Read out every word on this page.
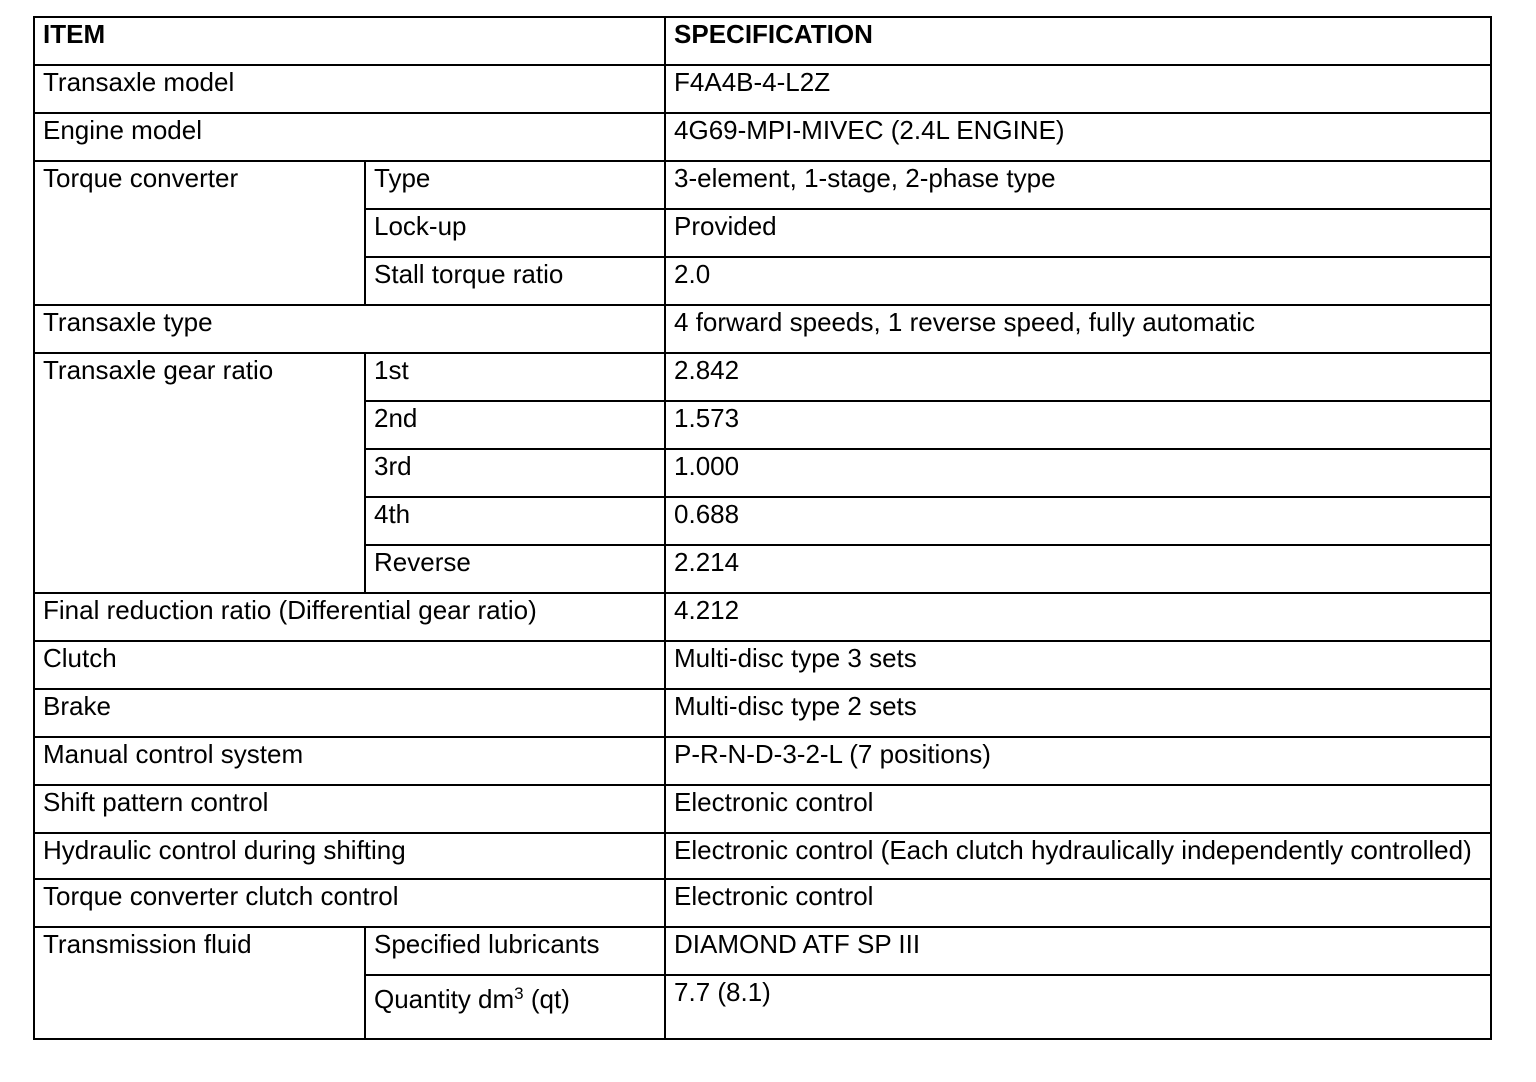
ITEM		SPECIFICATION
Transaxle model		F4A4B-4-L2Z
Engine model		4G69-MPI-MIVEC (2.4L ENGINE)
Torque converter	Type	3-element, 1-stage, 2-phase type
	Lock-up	Provided
	Stall torque ratio	2.0
Transaxle type		4 forward speeds, 1 reverse speed, fully automatic
Transaxle gear ratio	1st	2.842
	2nd	1.573
	3rd	1.000
	4th	0.688
	Reverse	2.214
Final reduction ratio (Differential gear ratio)		4.212
Clutch		Multi-disc type 3 sets
Brake		Multi-disc type 2 sets
Manual control system		P-R-N-D-3-2-L (7 positions)
Shift pattern control		Electronic control
Hydraulic control during shifting		Electronic control (Each clutch hydraulically independently controlled)
Torque converter clutch control		Electronic control
Transmission fluid	Specified lubricants	DIAMOND ATF SP III
	Quantity $dm^3$ (qt)	7.7 (8.1)
